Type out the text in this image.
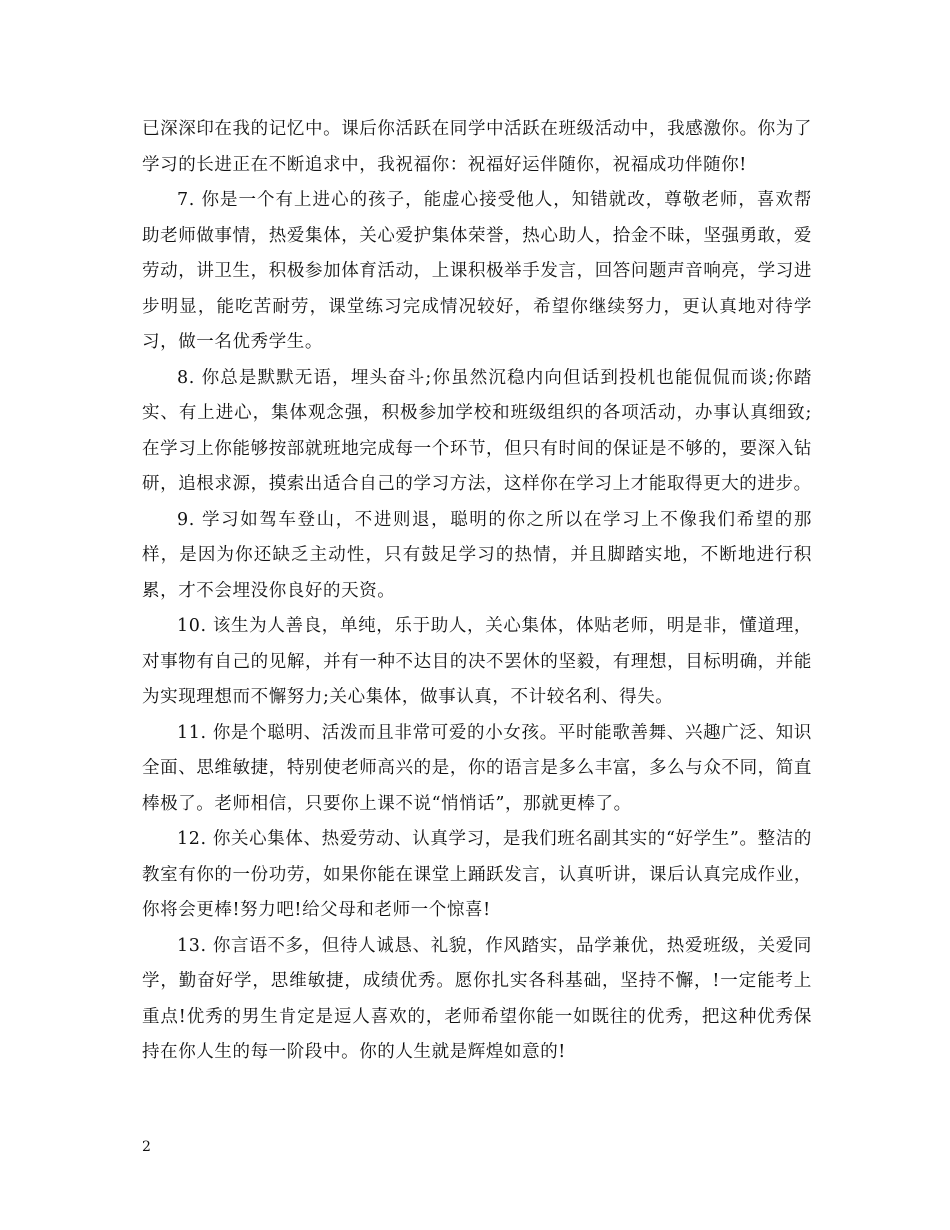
已深深印在我的记忆中。课后你活跃在同学中活跃在班级活动中，我感激你。你为了学习的长进正在不断追求中，我祝福你：祝福好运伴随你，祝福成功伴随你!

7. 你是一个有上进心的孩子，能虚心接受他人，知错就改，尊敬老师，喜欢帮助老师做事情，热爱集体，关心爱护集体荣誉，热心助人，拾金不昧，坚强勇敢，爱劳动，讲卫生，积极参加体育活动，上课积极举手发言，回答问题声音响亮，学习进步明显，能吃苦耐劳，课堂练习完成情况较好，希望你继续努力，更认真地对待学习，做一名优秀学生。

8. 你总是默默无语，埋头奋斗;你虽然沉稳内向但话到投机也能侃侃而谈;你踏实、有上进心，集体观念强，积极参加学校和班级组织的各项活动，办事认真细致;在学习上你能够按部就班地完成每一个环节，但只有时间的保证是不够的，要深入钻研，追根求源，摸索出适合自己的学习方法，这样你在学习上才能取得更大的进步。

9. 学习如驾车登山，不进则退，聪明的你之所以在学习上不像我们希望的那样，是因为你还缺乏主动性，只有鼓足学习的热情，并且脚踏实地，不断地进行积累，才不会埋没你良好的天资。

10. 该生为人善良，单纯，乐于助人，关心集体，体贴老师，明是非，懂道理，对事物有自己的见解，并有一种不达目的决不罢休的坚毅，有理想，目标明确，并能为实现理想而不懈努力;关心集体，做事认真，不计较名利、得失。

11. 你是个聪明、活泼而且非常可爱的小女孩。平时能歌善舞、兴趣广泛、知识全面、思维敏捷，特别使老师高兴的是，你的语言是多么丰富，多么与众不同，简直棒极了。老师相信，只要你上课不说“悄悄话”，那就更棒了。

12. 你关心集体、热爱劳动、认真学习，是我们班名副其实的“好学生”。整洁的教室有你的一份功劳，如果你能在课堂上踊跃发言，认真听讲，课后认真完成作业，你将会更棒!努力吧!给父母和老师一个惊喜!

13. 你言语不多，但待人诚恳、礼貌，作风踏实，品学兼优，热爱班级，关爱同学，勤奋好学，思维敏捷，成绩优秀。愿你扎实各科基础，坚持不懈，!一定能考上重点!优秀的男生肯定是逗人喜欢的，老师希望你能一如既往的优秀，把这种优秀保持在你人生的每一阶段中。你的人生就是辉煌如意的!

2
